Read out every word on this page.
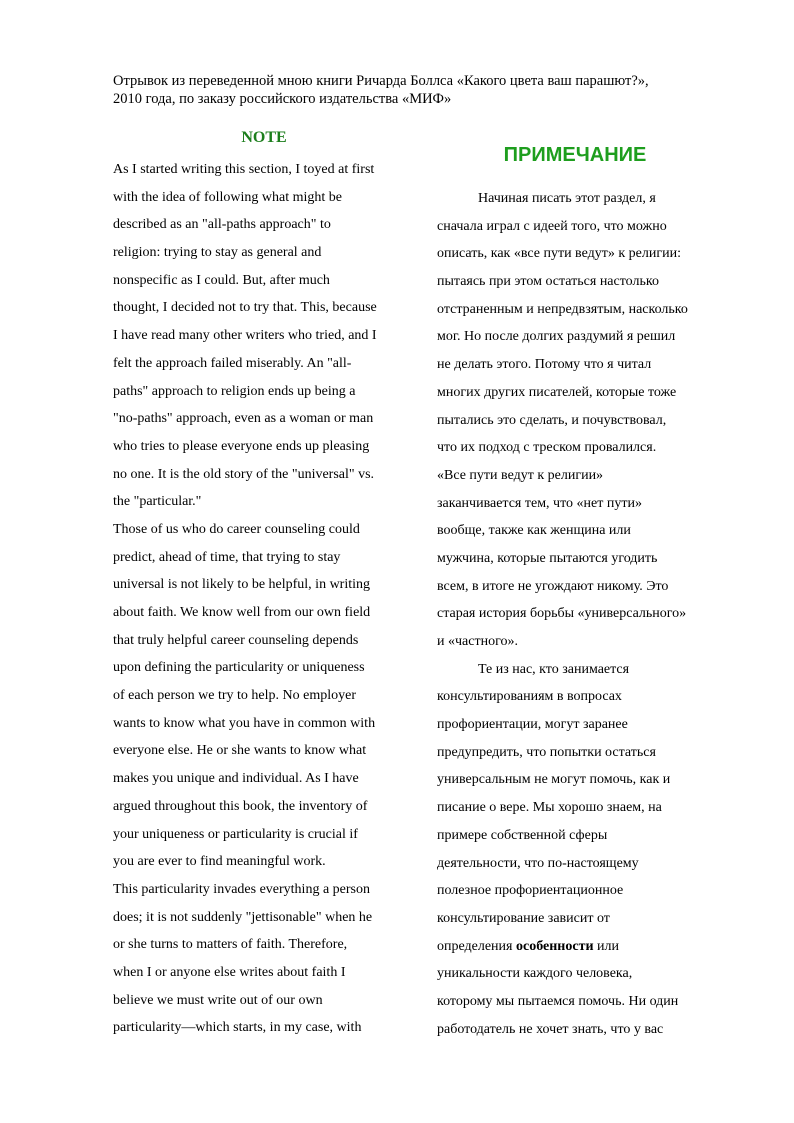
Отрывок из переведенной мною книги Ричарда Боллса «Какого цвета ваш парашют?»,
2010 года, по заказу российского издательства «МИФ»
NOTE
As I started writing this section, I toyed at first
with the idea of following what might be
described as an "all-paths approach" to
religion: trying to stay as general and
nonspecific as I could. But, after much
thought, I decided not to try that. This, because
I have read many other writers who tried, and I
felt the approach failed miserably. An "all-
paths" approach to religion ends up being a
"no-paths" approach, even as a woman or man
who tries to please everyone ends up pleasing
no one. It is the old story of the "universal" vs.
the "particular."
Those of us who do career counseling could
predict, ahead of time, that trying to stay
universal is not likely to be helpful, in writing
about faith. We know well from our own field
that truly helpful career counseling depends
upon defining the particularity or uniqueness
of each person we try to help. No employer
wants to know what you have in common with
everyone else. He or she wants to know what
makes you unique and individual. As I have
argued throughout this book, the inventory of
your uniqueness or particularity is crucial if
you are ever to find meaningful work.
This particularity invades everything a person
does; it is not suddenly "jettisonable" when he
or she turns to matters of faith. Therefore,
when I or anyone else writes about faith I
believe we must write out of our own
particularity—which starts, in my case, with
ПРИМЕЧАНИЕ
Начиная писать этот раздел, я
сначала играл с идеей того, что можно
описать, как «все пути ведут» к религии:
пытаясь при этом остаться настолько
отстраненным и непредвзятым, насколько
мог. Но после долгих раздумий я решил
не делать этого. Потому что я читал
многих других писателей, которые тоже
пытались это сделать, и почувствовал,
что их подход с треском провалился.
«Все пути ведут к религии»
заканчивается тем, что «нет пути»
вообще, также как женщина или
мужчина, которые пытаются угодить
всем, в итоге не угождают никому. Это
старая история борьбы «универсального»
и «частного».
Те из нас, кто занимается
консультированиям в вопросах
профориентации, могут заранее
предупредить, что попытки остаться
универсальным не могут помочь, как и
писание о вере. Мы хорошо знаем, на
примере собственной сферы
деятельности, что по-настоящему
полезное профориентационное
консультирование зависит от
определения особенности или
уникальности каждого человека,
которому мы пытаемся помочь. Ни один
работодатель не хочет знать, что у вас
